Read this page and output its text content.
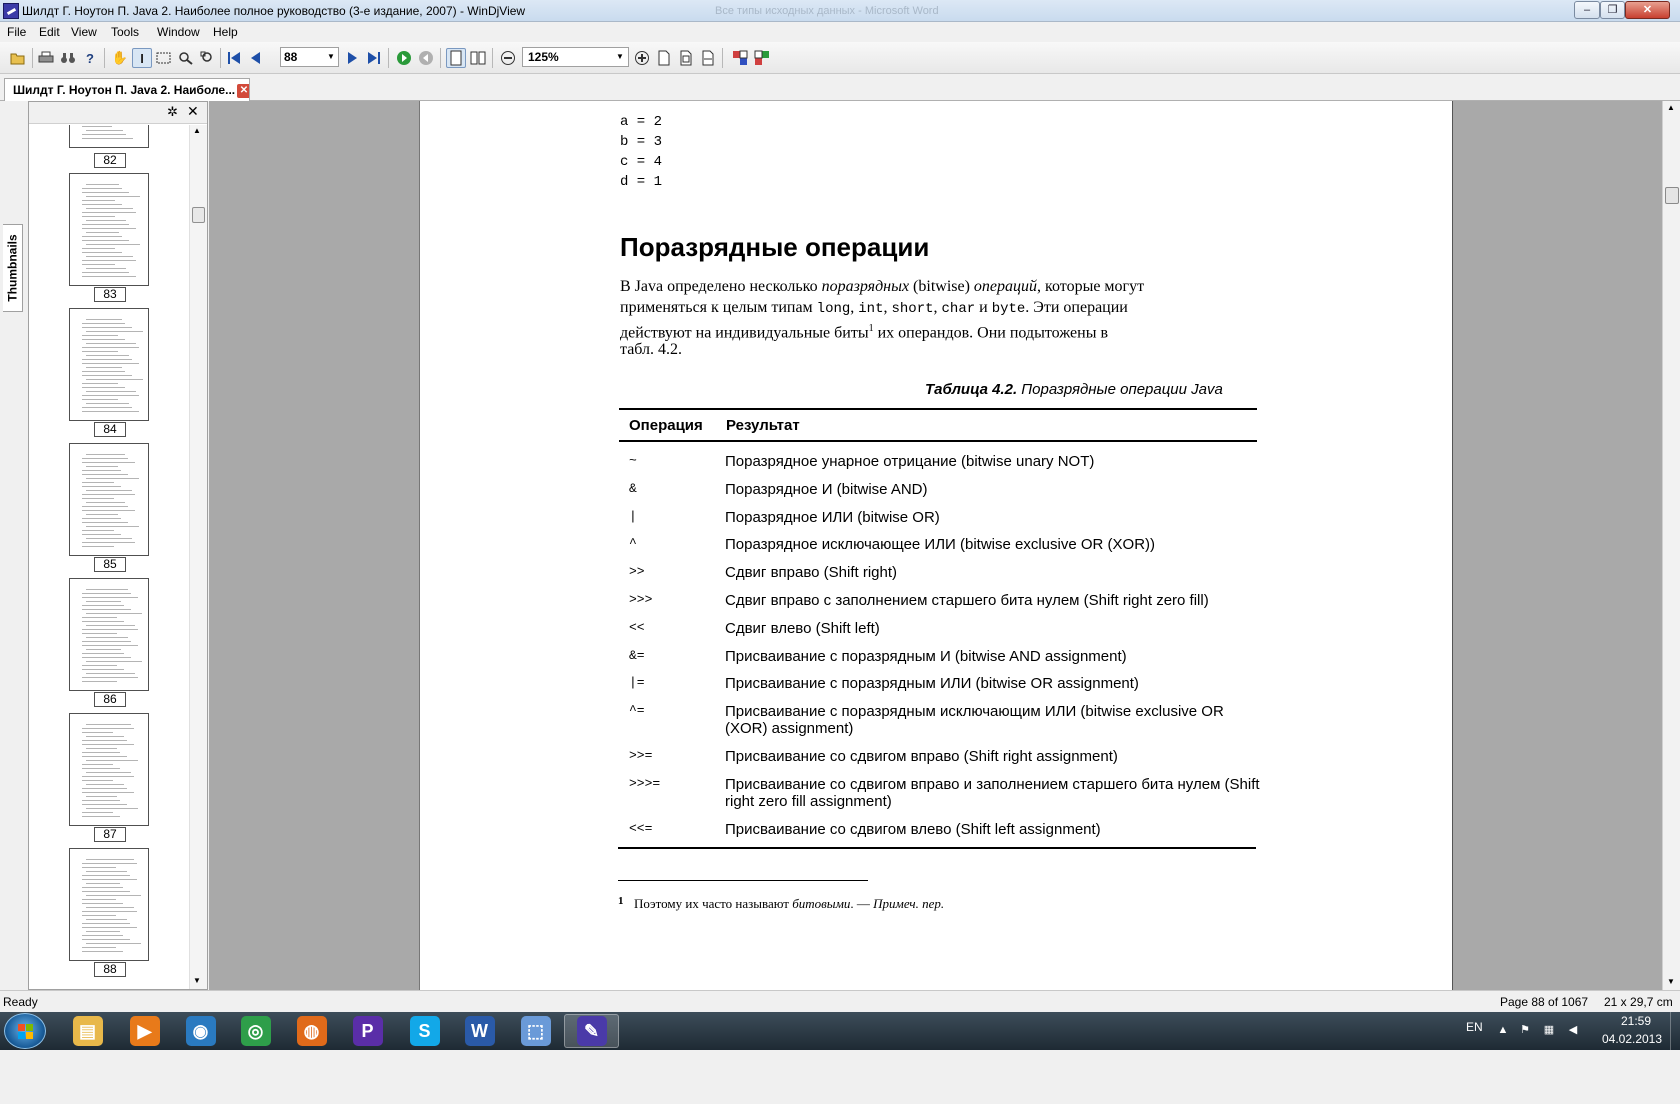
Шилдт Г. Ноутон П. Java 2. Наиболее полное руководство (3-е издание, 2007) - WinDjView	Все типы исходных данных - Microsoft Word	‒	❐	✕
File Edit View Tools Window Help
? ✋ I	88	▼	125%	▼
Шилдт Г. Ноутон П. Java 2. Наиболе... ✕
Thumbnails
✲ ✕
82
83
84
85
86
87
88
▲
▼
a = 2
b = 3
c = 4
d = 1
Поразрядные операции
В Java определено несколько поразрядных (bitwise) операций, которые могут
применяться к целым типам long, int, short, char и byte. Эти операции
действуют на индивидуальные биты$^1$ их операндов. Они подытожены в
табл. 4.2.
Таблица 4.2. Поразрядные операции Java
Операция Результат
~	Поразрядное унарное отрицание (bitwise unary NOT)
&	Поразрядное И (bitwise AND)
|	Поразрядное ИЛИ (bitwise OR)
^	Поразрядное исключающее ИЛИ (bitwise exclusive OR (XOR))
>>	Сдвиг вправо (Shift right)
>>>	Сдвиг вправо с заполнением старшего бита нулем (Shift right zero fill)
<<	Сдвиг влево (Shift left)
&=	Присваивание с поразрядным И (bitwise AND assignment)
|=	Присваивание с поразрядным ИЛИ (bitwise OR assignment)
^=	Присваивание с поразрядным исключающим ИЛИ (bitwise exclusive OR (XOR) assignment)
>>=	Присваивание со сдвигом вправо (Shift right assignment)
>>>=	Присваивание со сдвигом вправо и заполнением старшего бита нулем (Shift right zero fill assignment)
<<=	Присваивание со сдвигом влево (Shift left assignment)
1 Поэтому их часто называют битовыми. — Примеч. пер.
▲
▼
Ready	Page 88 of 1067 21 x 29,7 cm
▤	▶	◉	◎	◍	P	S	W	⬚	✎	EN ▲ ⚑ ▦ ◀
21:59
04.02.2013
